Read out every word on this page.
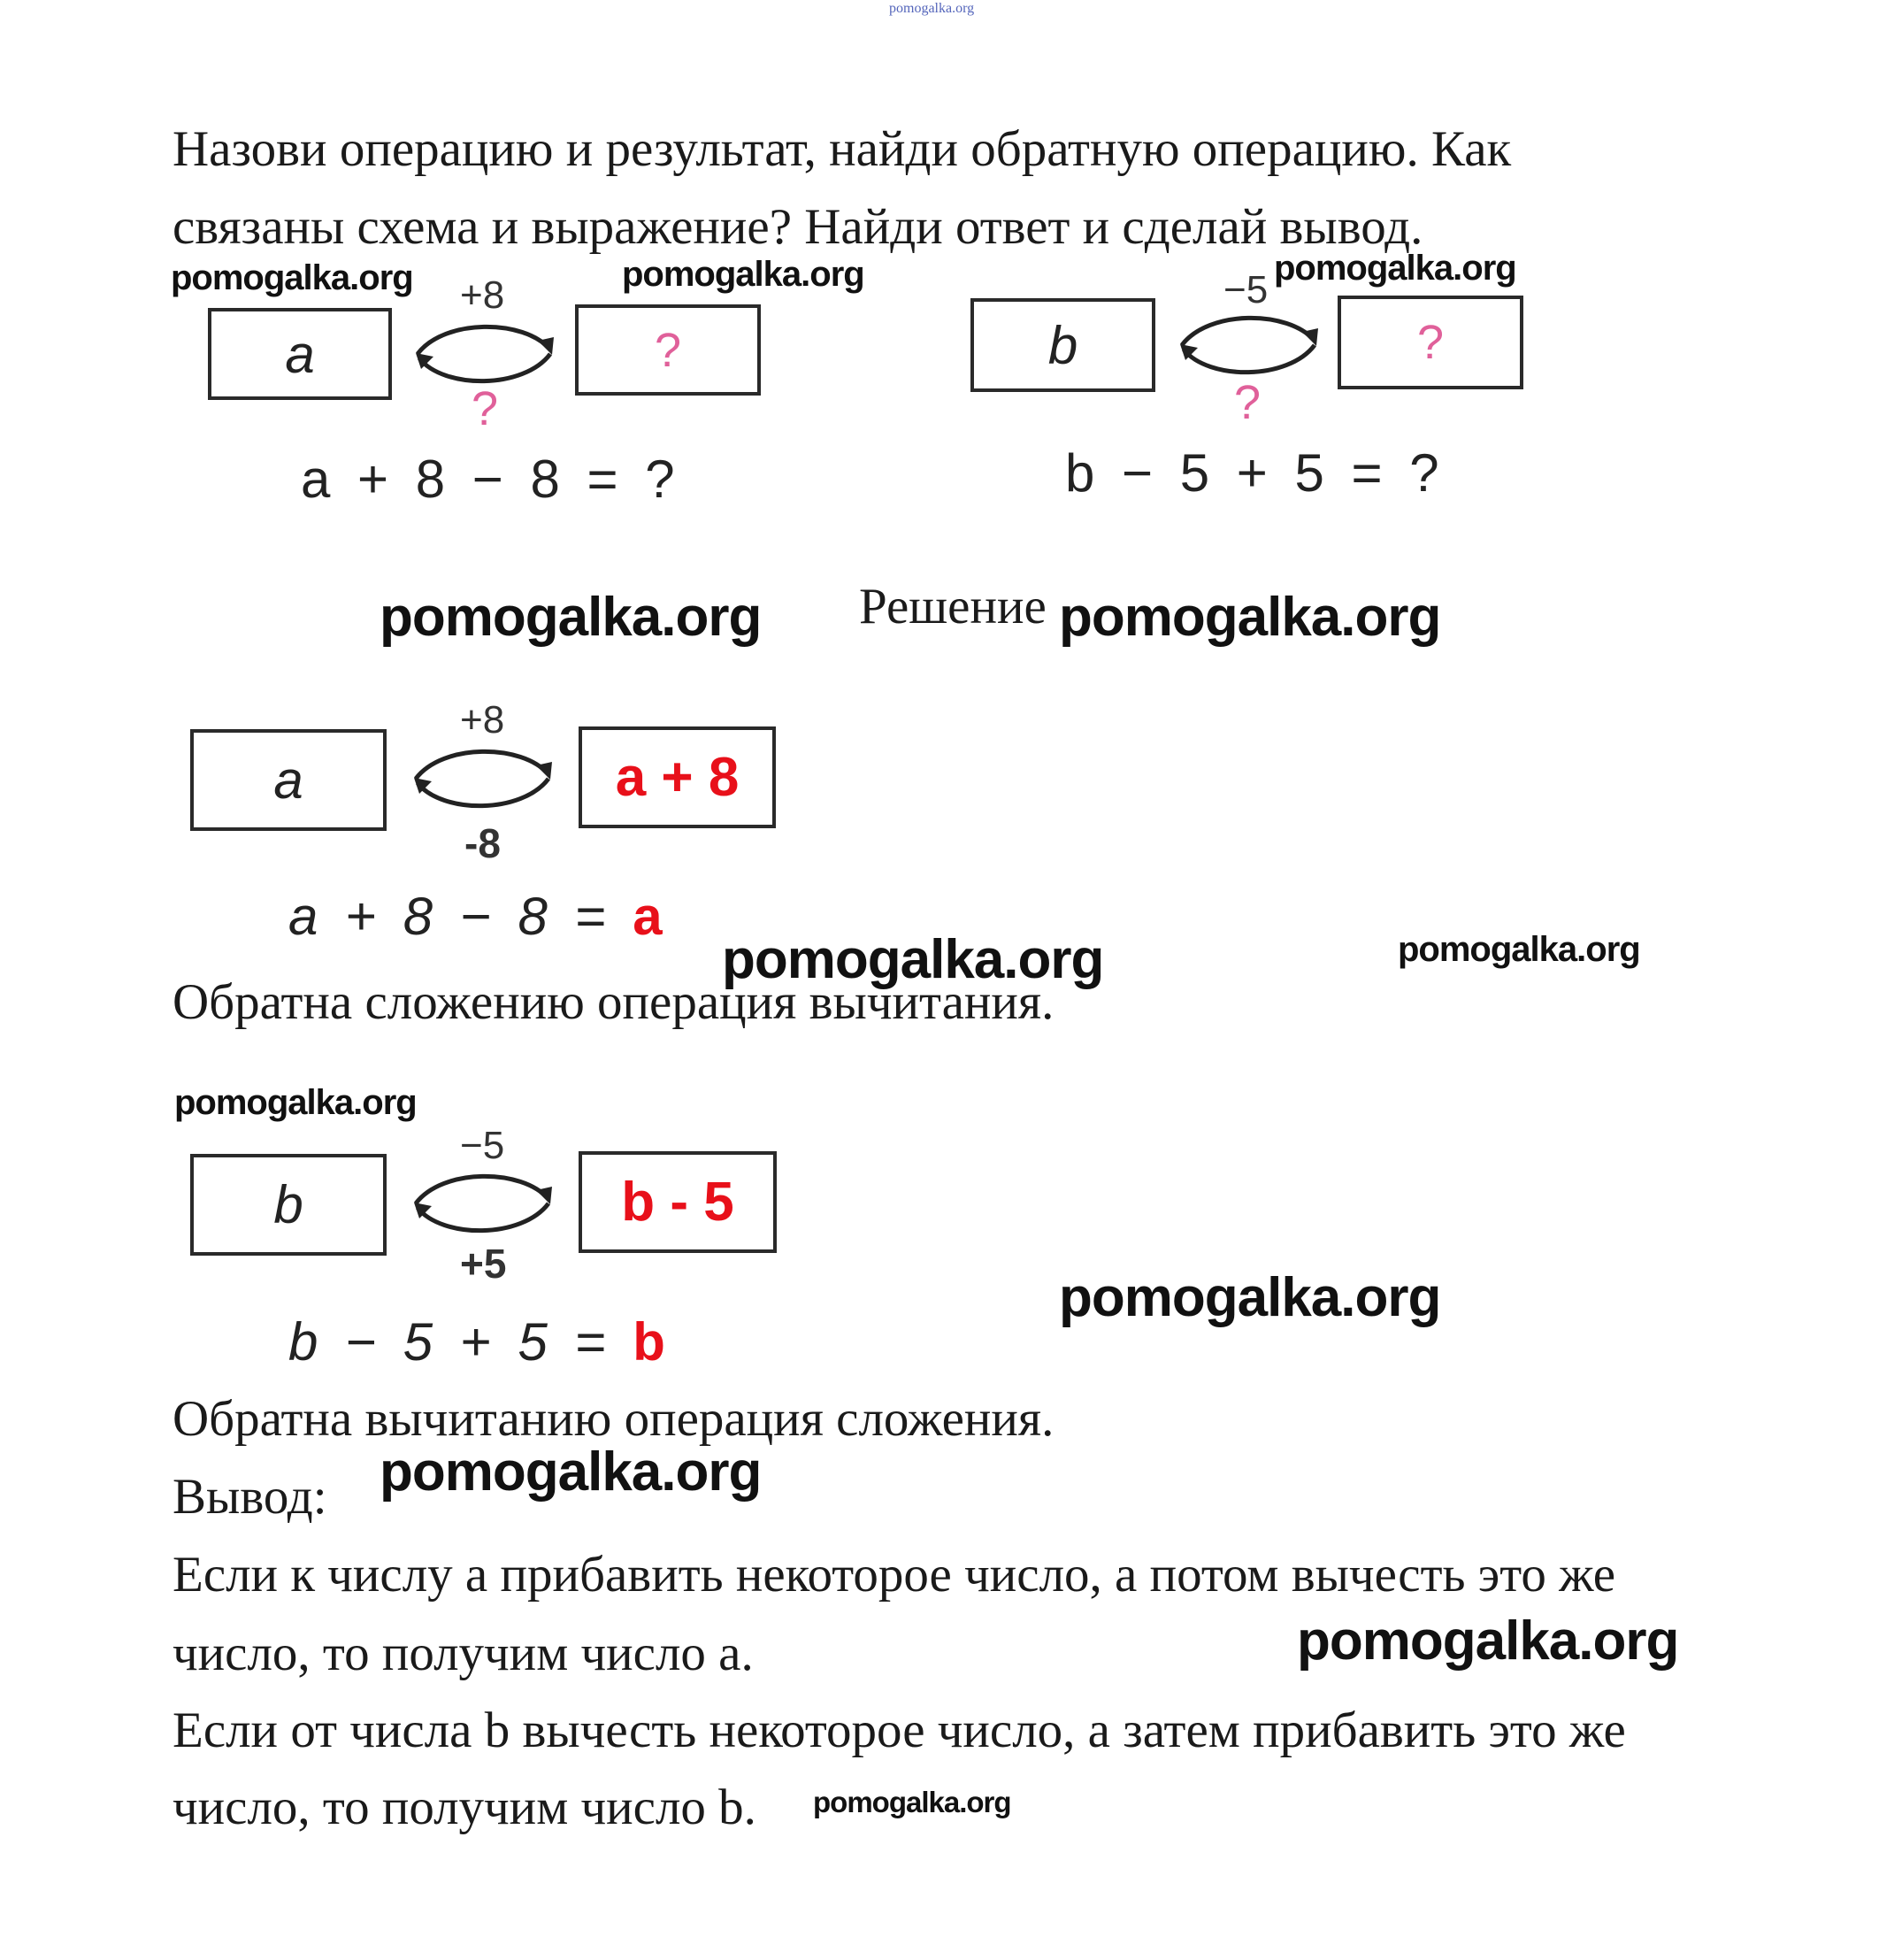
pomogalka.org
Назови операцию и результат, найди обратную операцию. Как
связаны схема и выражение? Найди ответ и сделай вывод.
pomogalka.org	pomogalka.org
a
+8
?
?
a + 8 − 8 = ?
b
−5
?
?
b − 5 + 5 = ?
pomogalka.org
pomogalka.org Решение pomogalka.org
a
+8
-8
a + 8
a + 8 − 8 = a
pomogalka.org	pomogalka.org
Обратна сложению операция вычитания.
pomogalka.org
b
−5
+5
b - 5
b − 5 + 5 = b
pomogalka.org
Обратна вычитанию операция сложения.
Вывод: pomogalka.org
Если к числу а прибавить некоторое число, а потом вычесть это же
число, то получим число а.	pomogalka.org
Если от числа b вычесть некоторое число, а затем прибавить это же
число, то получим число b. pomogalka.org
